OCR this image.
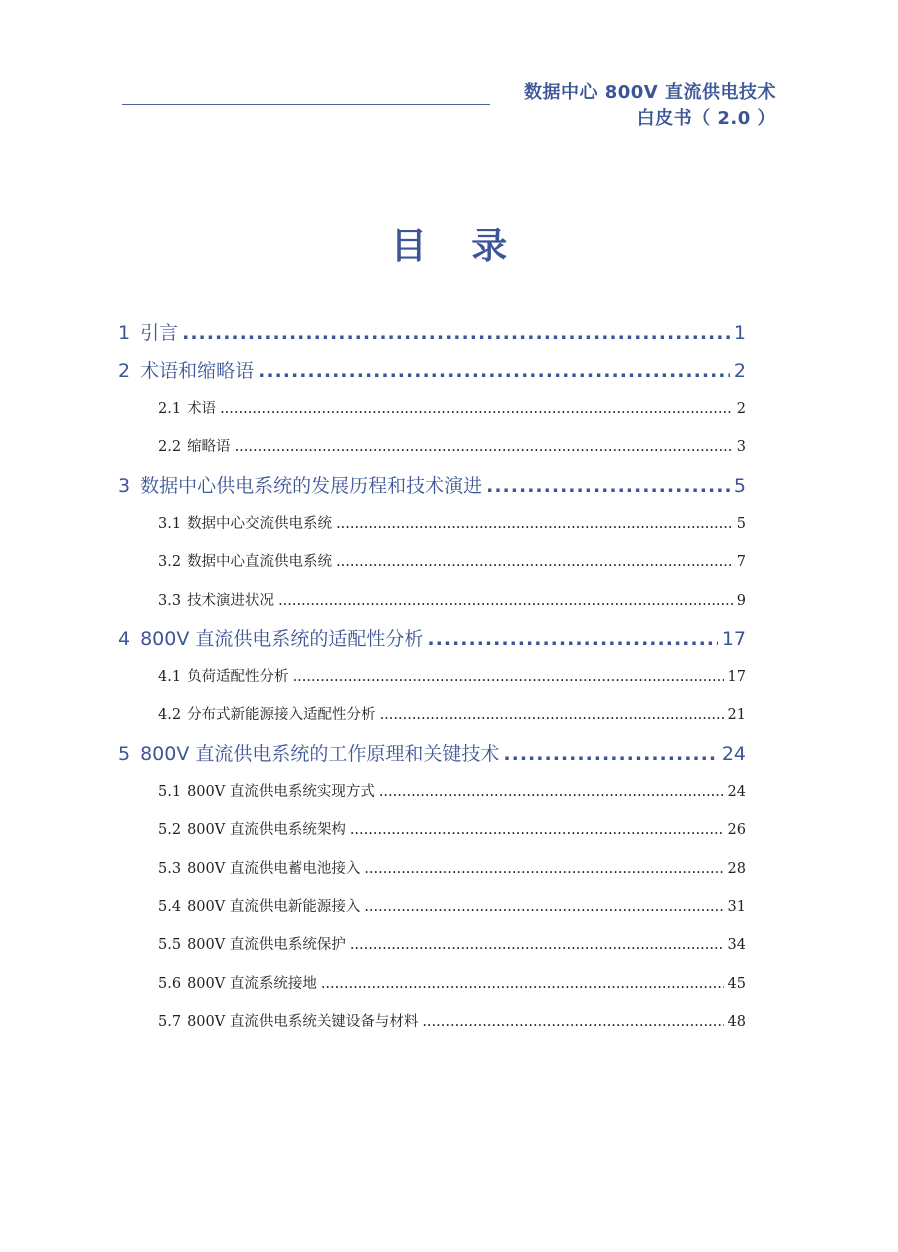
数据中心 800V 直流供电技术
白皮书（ 2.0 ）
目 录
1 引言 .....	1
2 术语和缩略语 .....	2
2.1 术语 .....	2
2.2 缩略语 .....	3
3 数据中心供电系统的发展历程和技术演进 .....	5
3.1 数据中心交流供电系统 .....	5
3.2 数据中心直流供电系统 .....	7
3.3 技术演进状况 .....	9
4 800V 直流供电系统的适配性分析 .....	17
4.1 负荷适配性分析 .....	17
4.2 分布式新能源接入适配性分析 .....	21
5 800V 直流供电系统的工作原理和关键技术 .....	24
5.1 800V 直流供电系统实现方式 .....	24
5.2 800V 直流供电系统架构 .....	26
5.3 800V 直流供电蓄电池接入 .....	28
5.4 800V 直流供电新能源接入 .....	31
5.5 800V 直流供电系统保护 .....	34
5.6 800V 直流系统接地 .....	45
5.7 800V 直流供电系统关键设备与材料 .....	48
